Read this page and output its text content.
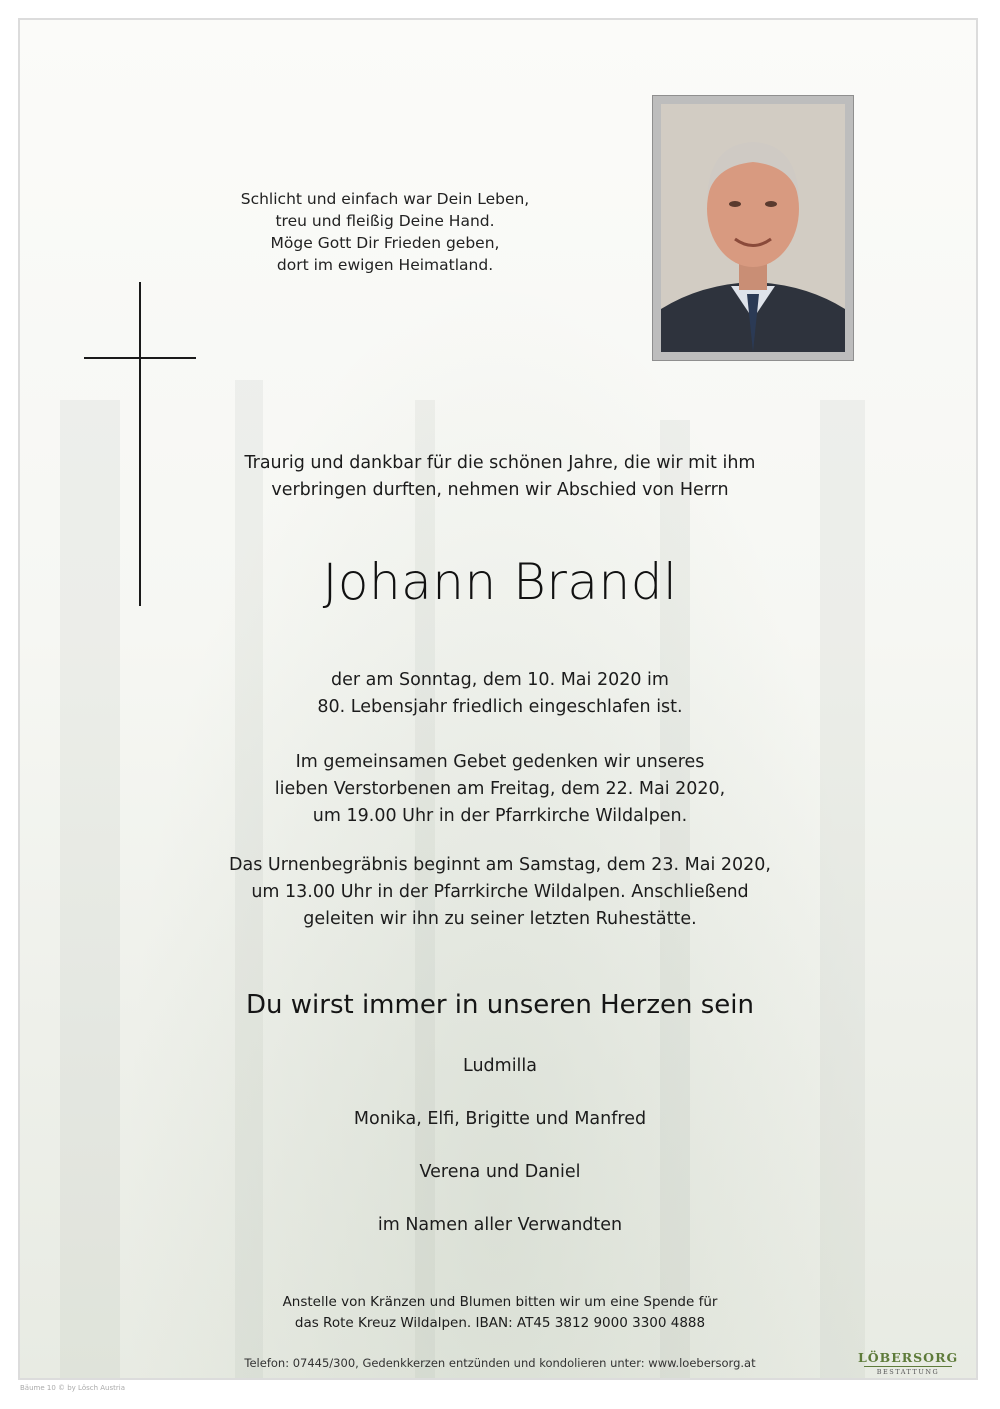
Schlicht und einfach war Dein Leben,
treu und fleißig Deine Hand.
Möge Gott Dir Frieden geben,
dort im ewigen Heimatland.
Traurig und dankbar für die schönen Jahre, die wir mit ihm
verbringen durften, nehmen wir Abschied von Herrn
Johann Brandl
der am Sonntag, dem 10. Mai 2020 im
80. Lebensjahr friedlich eingeschlafen ist.
Im gemeinsamen Gebet gedenken wir unseres
lieben Verstorbenen am Freitag, dem 22. Mai 2020,
um 19.00 Uhr in der Pfarrkirche Wildalpen.
Das Urnenbegräbnis beginnt am Samstag, dem 23. Mai 2020,
um 13.00 Uhr in der Pfarrkirche Wildalpen. Anschließend
geleiten wir ihn zu seiner letzten Ruhestätte.
Du wirst immer in unseren Herzen sein
Ludmilla
Monika, Elfi, Brigitte und Manfred
Verena und Daniel
im Namen aller Verwandten
Anstelle von Kränzen und Blumen bitten wir um eine Spende für
das Rote Kreuz Wildalpen. IBAN: AT45 3812 9000 3300 4888
Telefon: 07445/300, Gedenkkerzen entzünden und kondolieren unter: www.loebersorg.at	LÖBERSORG
BESTATTUNG
Bäume 10 © by Lösch Austria
